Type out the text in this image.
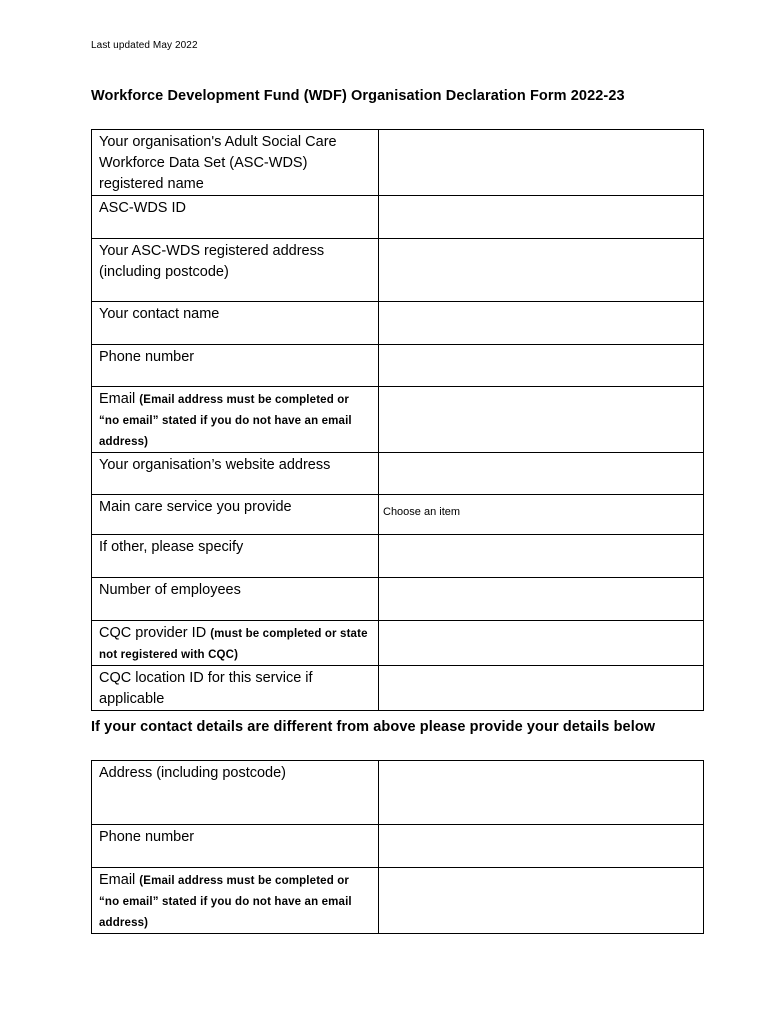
Last updated May 2022
Workforce Development Fund (WDF) Organisation Declaration Form 2022-23
Your organisation's Adult Social Care Workforce Data Set (ASC-WDS) registered name	
ASC-WDS ID	
Your ASC-WDS registered address (including postcode)	
Your contact name	
Phone number	
Email (Email address must be completed or “no email” stated if you do not have an email address)	
Your organisation’s website address	
Main care service you provide	Choose an item
If other, please specify	
Number of employees	
CQC provider ID (must be completed or state not registered with CQC)	
CQC location ID for this service if applicable	
If your contact details are different from above please provide your details below
Address (including postcode)	
Phone number	
Email (Email address must be completed or “no email” stated if you do not have an email address)	
